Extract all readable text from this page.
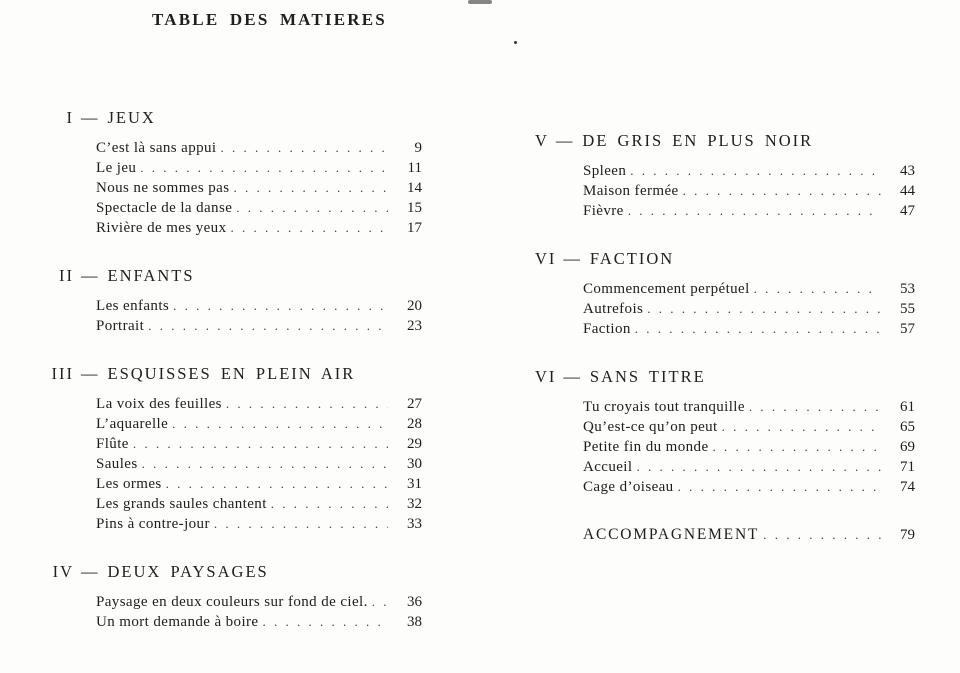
TABLE DES MATIERES
I — JEUX
C’est là sans appui . . .	9
Le jeu . . .	11
Nous ne sommes pas . . .	14
Spectacle de la danse . . .	15
Rivière de mes yeux . . .	17
II — ENFANTS
Les enfants . . .	20
Portrait . . .	23
III — ESQUISSES EN PLEIN AIR
La voix des feuilles . . .	27
L’aquarelle . . .	28
Flûte . . .	29
Saules . . .	30
Les ormes . . .	31
Les grands saules chantent . . .	32
Pins à contre-jour . . .	33
IV — DEUX PAYSAGES
Paysage en deux couleurs sur fond de ciel. . . .	36
Un mort demande à boire . . .	38
V — DE GRIS EN PLUS NOIR
Spleen . . .	43
Maison fermée . . .	44
Fièvre . . .	47
VI — FACTION
Commencement perpétuel . . .	53
Autrefois . . .	55
Faction . . .	57
VI — SANS TITRE
Tu croyais tout tranquille . . .	61
Qu’est-ce qu’on peut . . .	65
Petite fin du monde . . .	69
Accueil . . .	71
Cage d’oiseau . . .	74
ACCOMPAGNEMENT . . .	79
